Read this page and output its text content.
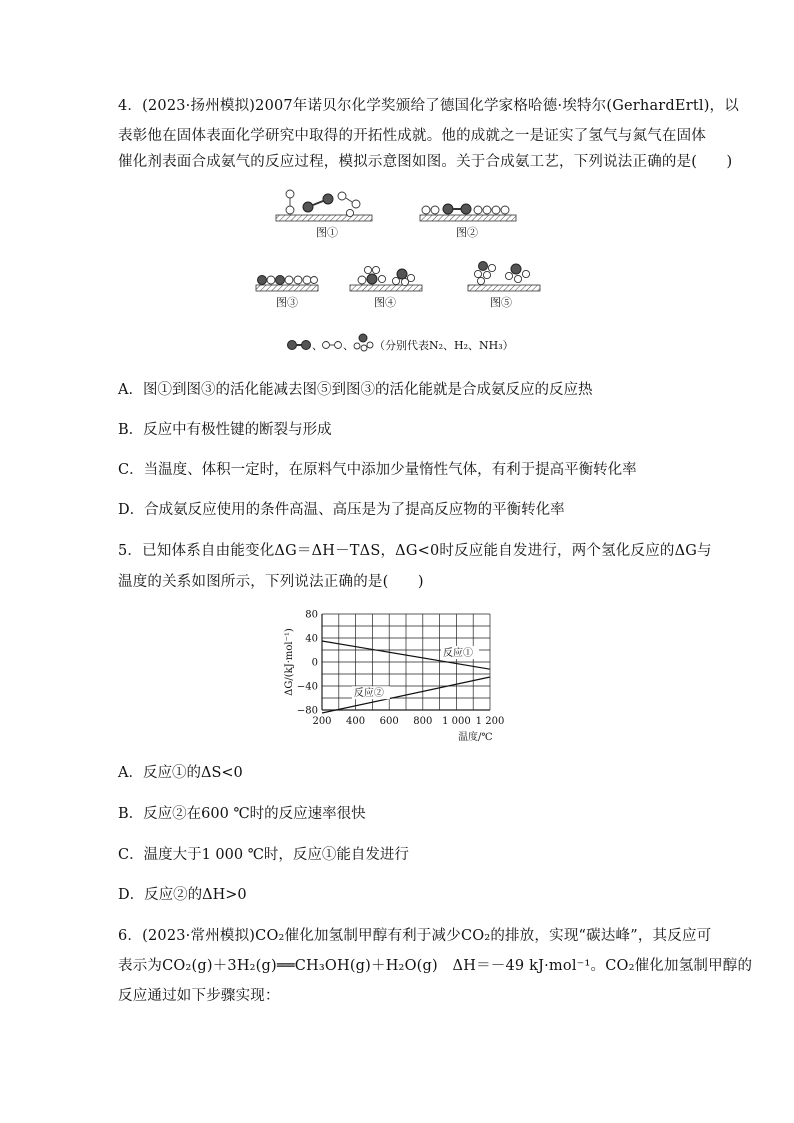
4．(2023·扬州模拟)2007年诺贝尔化学奖颁给了德国化学家格哈德·埃特尔(GerhardErtl)，以
表彰他在固体表面化学研究中取得的开拓性成就。他的成就之一是证实了氢气与氮气在固体
催化剂表面合成氨气的反应过程，模拟示意图如图。关于合成氨工艺，下列说法正确的是(　　)
图①	图②
图③	图④	图⑤
、 、 （分别代表N₂、H₂、NH₃）
A．图①到图③的活化能减去图⑤到图③的活化能就是合成氨反应的反应热
B．反应中有极性键的断裂与形成
C．当温度、体积一定时，在原料气中添加少量惰性气体，有利于提高平衡转化率
D．合成氨反应使用的条件高温、高压是为了提高反应物的平衡转化率
5．已知体系自由能变化ΔG＝ΔH－TΔS，ΔG<0时反应能自发进行，两个氢化反应的ΔG与
温度的关系如图所示，下列说法正确的是(　　)
200 400 600 800 1 000 1 200
80
40
0
−40
−80
反应①
反应②
ΔG/(kJ·mol⁻¹)
温度/℃
A．反应①的ΔS<0
B．反应②在600 ℃时的反应速率很快
C．温度大于1 000 ℃时，反应①能自发进行
D．反应②的ΔH>0
6．(2023·常州模拟)CO₂催化加氢制甲醇有利于减少CO₂的排放，实现“碳达峰”，其反应可
表示为CO₂(g)＋3H₂(g)══CH₃OH(g)＋H₂O(g)　ΔH＝－49 kJ·mol⁻¹。CO₂催化加氢制甲醇的
反应通过如下步骤实现：
